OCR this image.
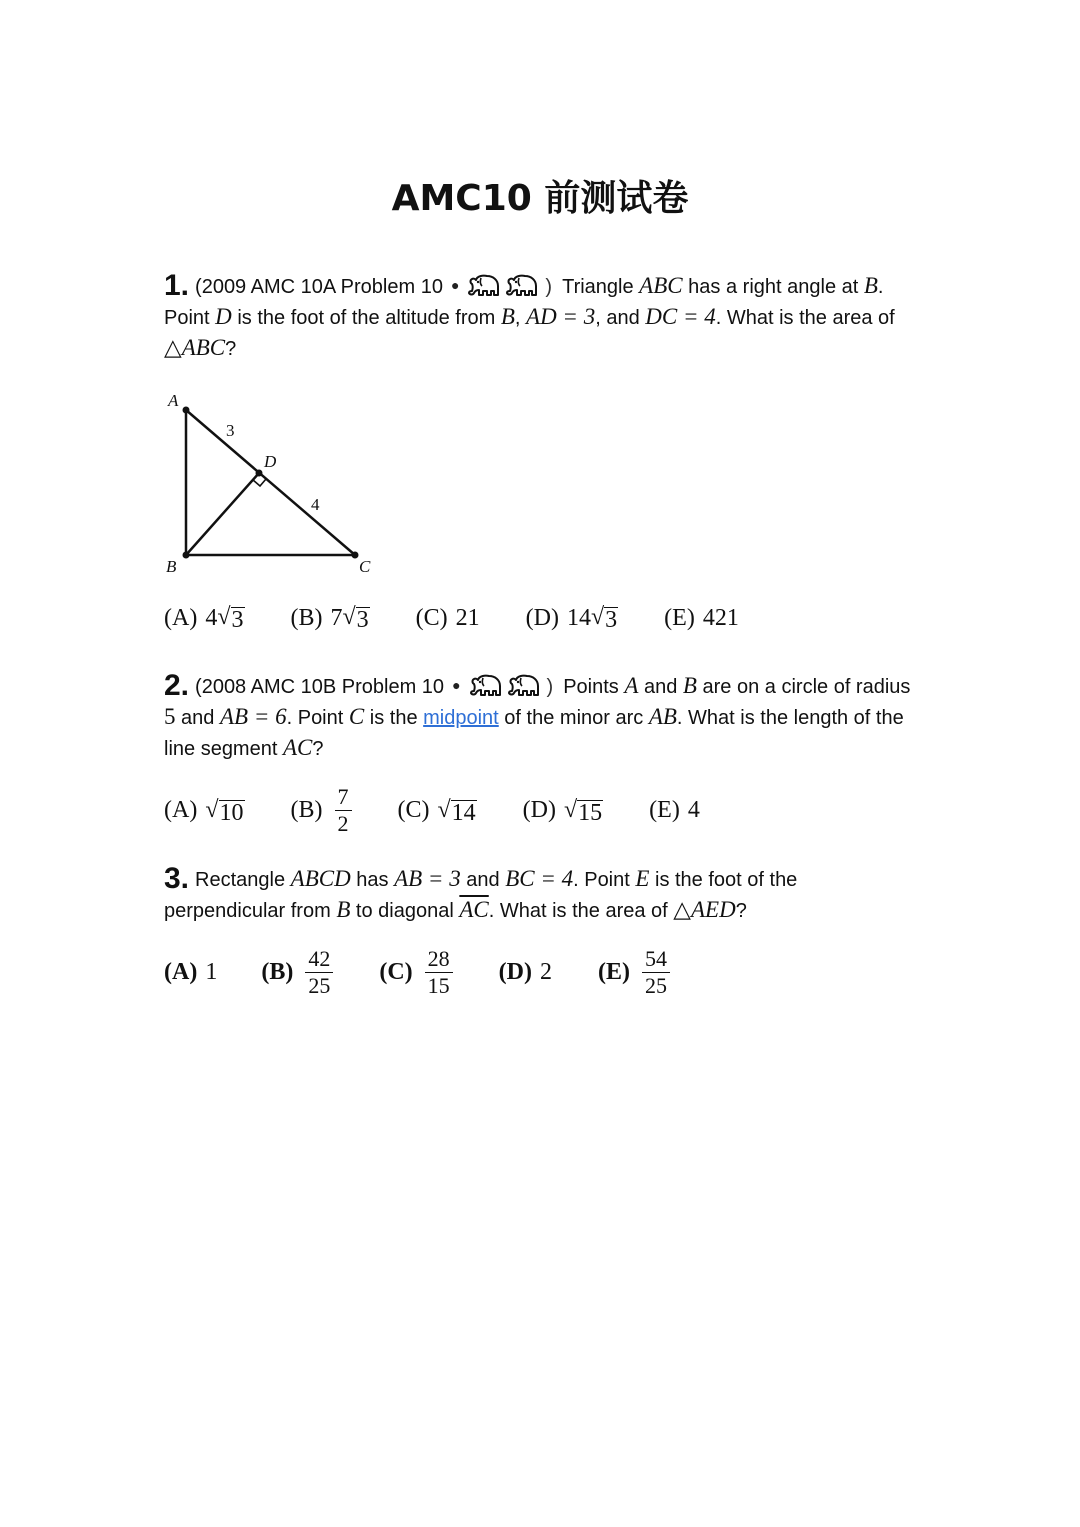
AMC10 前测试卷
1. (2009 AMC 10A Problem 10 ●	) Triangle ABC has a right angle at B. Point D is the foot of the altitude from B, AD = 3, and DC = 4. What is the area of △ABC?
A
B	C
D
3
4
(A) 4 √ 3 (B) 7 √ 3 (C) 21 (D) 14 √ 3 (E) 421
2. (2008 AMC 10B Problem 10 ●	) Points A and B are on a circle of radius 5 and AB = 6. Point C is the midpoint of the minor arc AB. What is the length of the line segment AC?
(A) √ 10 $(B) \frac{7}{2} (C)$ √ 14 (D) √ 15 (E) 4
3. Rectangle ABCD has AB = 3 and BC = 4. Point E is the foot of the perpendicular from B to diagonal $\overline{AC}$. What is the area of △AED?
(A) 1 $(B) \frac{42}{25} (C) \frac{28}{15} (D)$ 2 $(E) \frac{54}{25}$
